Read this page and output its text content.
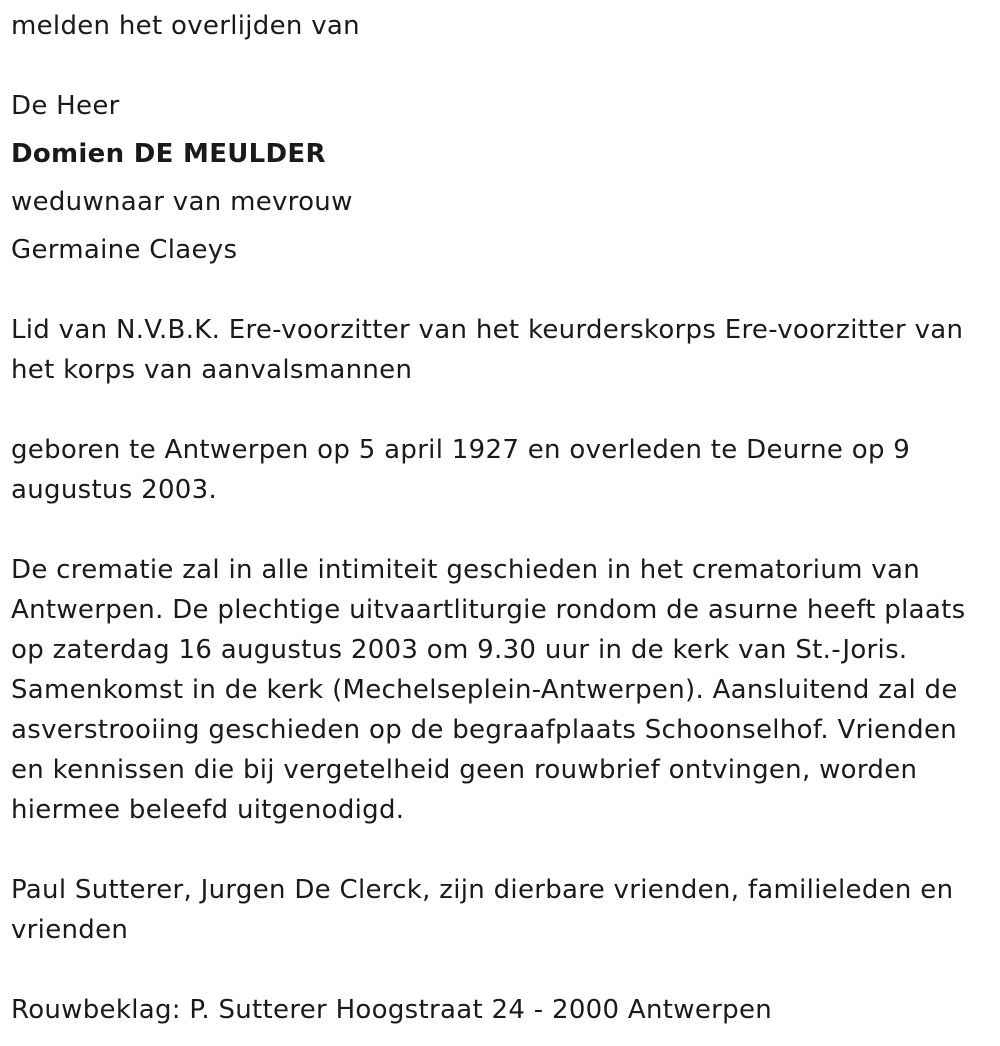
melden het overlijden van

De Heer

Domien DE MEULDER

weduwnaar van mevrouw

Germaine Claeys

Lid van N.V.B.K. Ere-voorzitter van het keurderskorps Ere-voorzitter van het korps van aanvalsmannen

geboren te Antwerpen op 5 april 1927 en overleden te Deurne op 9

augustus 2003.

De crematie zal in alle intimiteit geschieden in het crematorium van

Antwerpen. De plechtige uitvaartliturgie rondom de asurne heeft plaats

op zaterdag 16 augustus 2003 om 9.30 uur in de kerk van St.-Joris.

Samenkomst in de kerk (Mechelseplein-Antwerpen). Aansluitend zal de

asverstrooiing geschieden op de begraafplaats Schoonselhof. Vrienden

en kennissen die bij vergetelheid geen rouwbrief ontvingen, worden

hiermee beleefd uitgenodigd.

Paul Sutterer, Jurgen De Clerck, zijn dierbare vrienden, familieleden en

vrienden

Rouwbeklag: P. Sutterer Hoogstraat 24 - 2000 Antwerpen
